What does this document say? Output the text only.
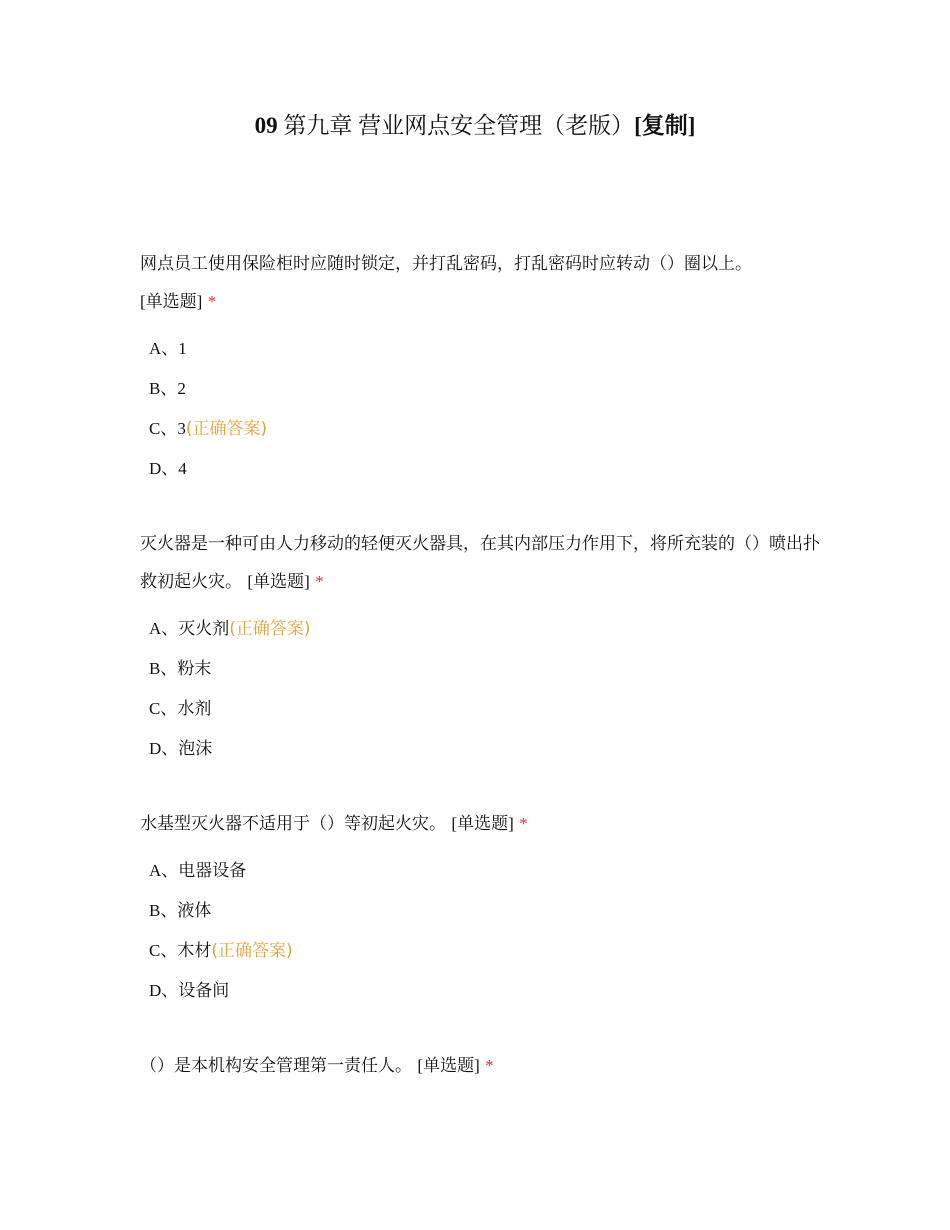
09 第九章 营业网点安全管理（老版）[复制]
网点员工使用保险柜时应随时锁定，并打乱密码，打乱密码时应转动（）圈以上。
[单选题] *
A、1
B、2
C、3(正确答案)
D、4
灭火器是一种可由人力移动的轻便灭火器具，在其内部压力作用下，将所充装的（）喷出扑救初起火灾。 [单选题] *
A、灭火剂(正确答案)
B、粉末
C、水剂
D、泡沫
水基型灭火器不适用于（）等初起火灾。 [单选题] *
A、电器设备
B、液体
C、木材(正确答案)
D、设备间
（）是本机构安全管理第一责任人。 [单选题] *
